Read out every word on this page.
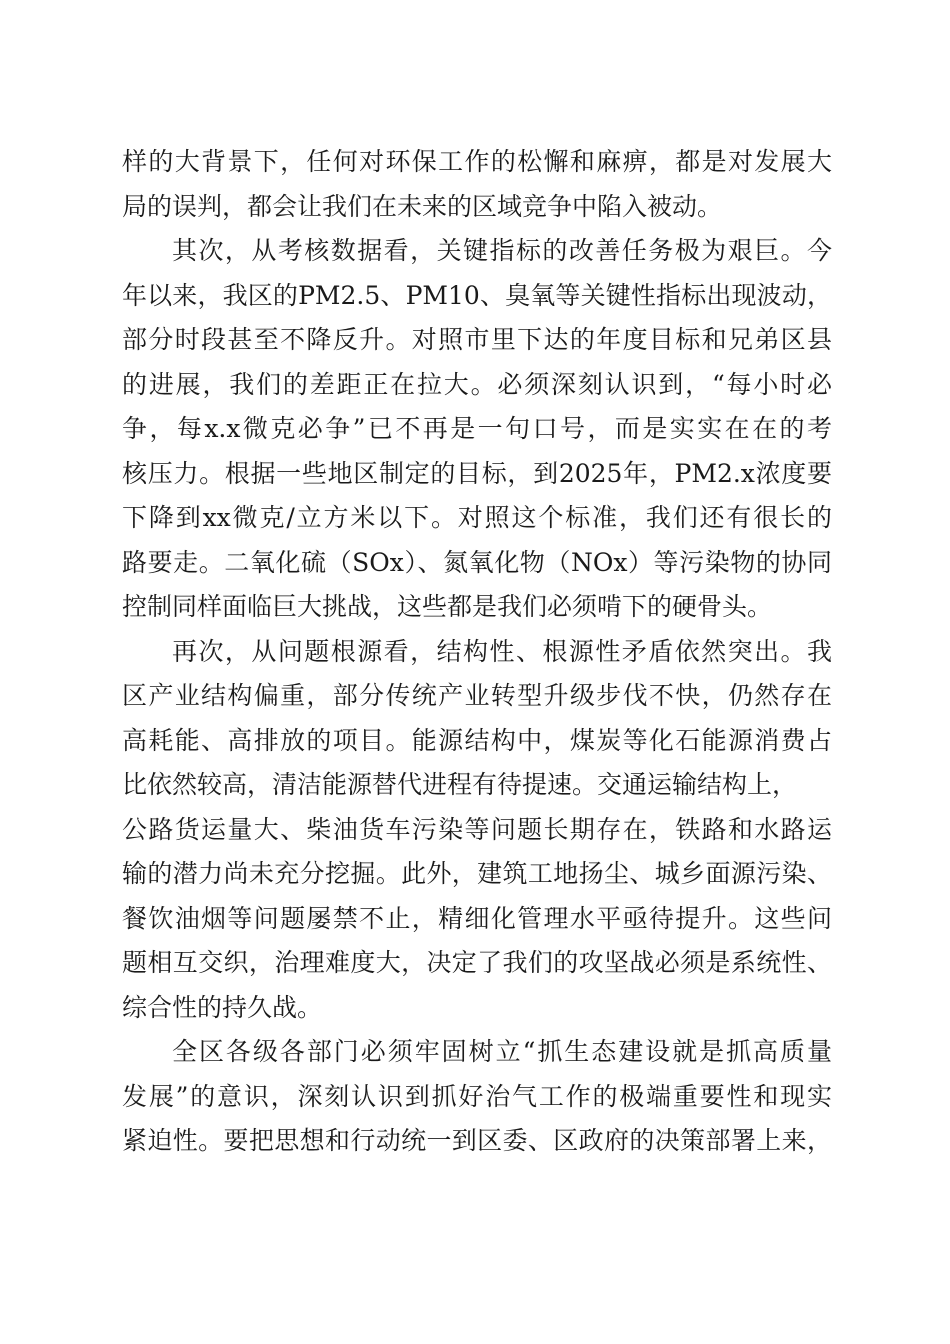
样的大背景下，任何对环保工作的松懈和麻痹，都是对发展大
局的误判，都会让我们在未来的区域竞争中陷入被动。
其次，从考核数据看，关键指标的改善任务极为艰巨。今
年以来，我区的PM2.5、PM10、臭氧等关键性指标出现波动，
部分时段甚至不降反升。对照市里下达的年度目标和兄弟区县
的进展，我们的差距正在拉大。必须深刻认识到，“每小时必
争，每x.x微克必争”已不再是一句口号，而是实实在在的考
核压力。根据一些地区制定的目标，到2025年，PM2.x浓度要
下降到xx微克/立方米以下。对照这个标准，我们还有很长的
路要走。二氧化硫（SOx）、氮氧化物（NOx）等污染物的协同
控制同样面临巨大挑战，这些都是我们必须啃下的硬骨头。
再次，从问题根源看，结构性、根源性矛盾依然突出。我
区产业结构偏重，部分传统产业转型升级步伐不快，仍然存在
高耗能、高排放的项目。能源结构中，煤炭等化石能源消费占
比依然较高，清洁能源替代进程有待提速。交通运输结构上，
公路货运量大、柴油货车污染等问题长期存在，铁路和水路运
输的潜力尚未充分挖掘。此外，建筑工地扬尘、城乡面源污染、
餐饮油烟等问题屡禁不止，精细化管理水平亟待提升。这些问
题相互交织，治理难度大，决定了我们的攻坚战必须是系统性、
综合性的持久战。
全区各级各部门必须牢固树立“抓生态建设就是抓高质量
发展”的意识，深刻认识到抓好治气工作的极端重要性和现实
紧迫性。要把思想和行动统一到区委、区政府的决策部署上来，
